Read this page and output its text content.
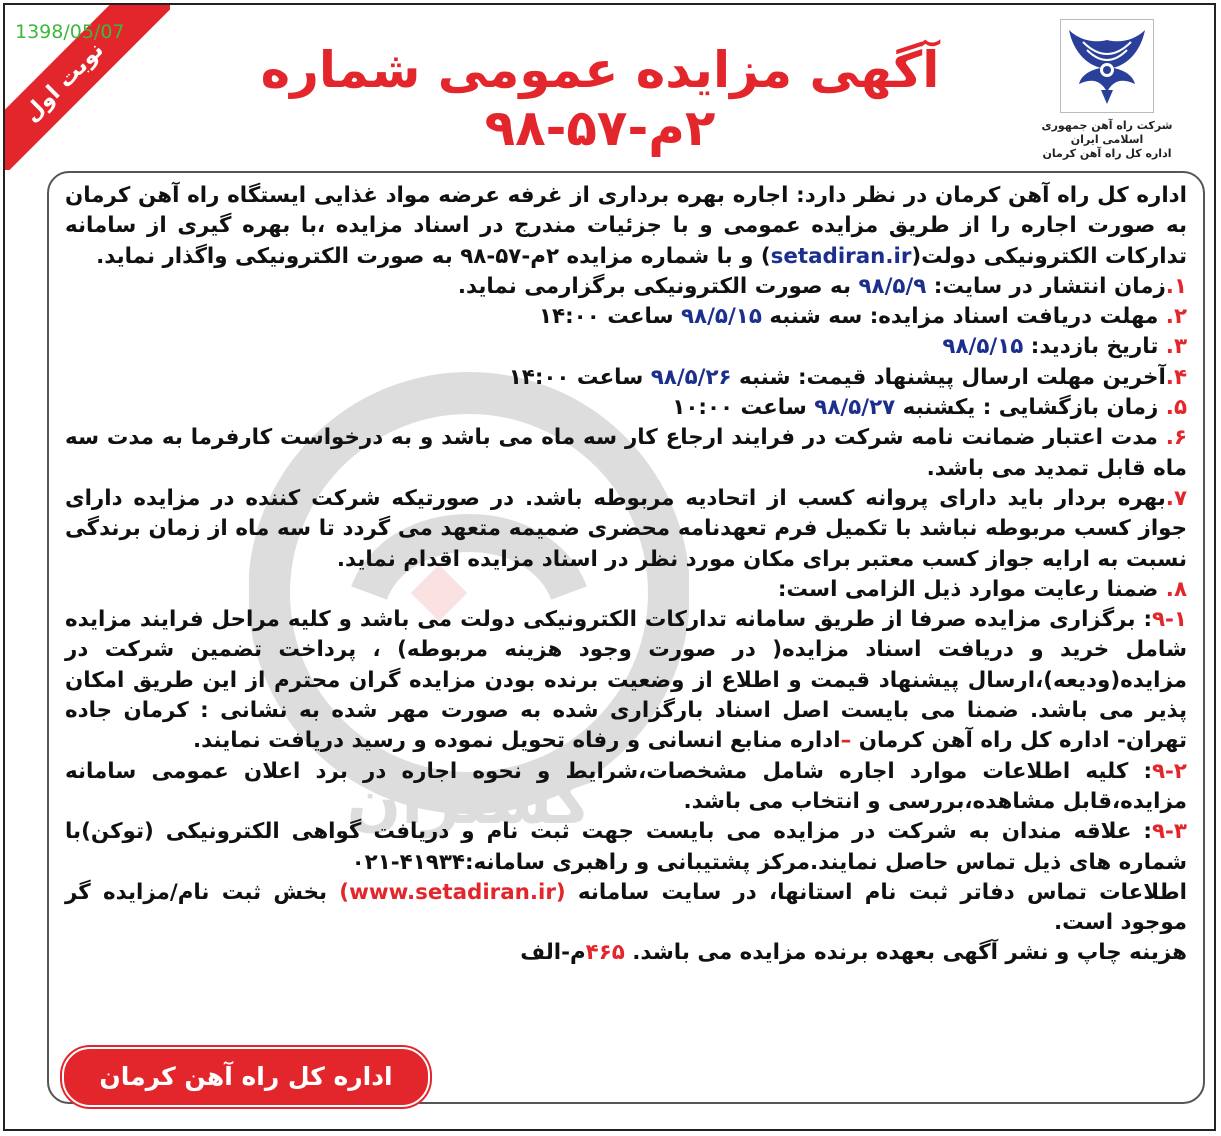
1398/05/07
نوبت اول	آگهی مزایده عمومی شماره ۲م-۵۷-۹۸	شرکت راه آهن جمهوری اسلامی ایران
اداره کل راه آهن کرمان
گستران

اداره کل راه آهن کرمان در نظر دارد: اجاره بهره برداری از غرفه عرضه مواد غذایی ایستگاه راه آهن کرمان به صورت اجاره را از طریق مزایده عمومی و با جزئیات مندرج در اسناد مزایده ،با بهره گیری از سامانه تدارکات الکترونیکی دولت(setadiran.ir) و با شماره مزایده ۲م-۵۷-۹۸ به صورت الکترونیکی واگذار نماید.

۱.زمان انتشار در سایت: ۹۸/۵/۹ به صورت الکترونیکی برگزارمی نماید.

۲. مهلت دریافت اسناد مزایده: سه شنبه ۹۸/۵/۱۵ ساعت ۱۴:۰۰

۳. تاریخ بازدید: ۹۸/۵/۱۵

۴.آخرین مهلت ارسال پیشنهاد قیمت: شنبه ۹۸/۵/۲۶ ساعت ۱۴:۰۰

۵. زمان بازگشایی : یکشنبه ۹۸/۵/۲۷ ساعت ۱۰:۰۰

۶. مدت اعتبار ضمانت نامه شرکت در فرایند ارجاع کار سه ماه می باشد و به درخواست کارفرما به مدت سه ماه قابل تمدید می باشد.

۷.بهره بردار باید دارای پروانه کسب از اتحادیه مربوطه باشد. در صورتیکه شرکت کننده در مزایده دارای جواز کسب مربوطه نباشد با تکمیل فرم تعهدنامه محضری ضمیمه متعهد می گردد تا سه ماه از زمان برندگی نسبت به ارایه جواز کسب معتبر برای مکان مورد نظر در اسناد مزایده اقدام نماید.

۸. ضمنا رعایت موارد ذیل الزامی است:

۹-۱: برگزاری مزایده صرفا از طریق سامانه تدارکات الکترونیکی دولت می باشد و کلیه مراحل فرایند مزایده شامل خرید و دریافت اسناد مزایده( در صورت وجود هزینه مربوطه) ، پرداخت تضمین شرکت در مزایده(ودیعه)،ارسال پیشنهاد قیمت و اطلاع از وضعیت برنده بودن مزایده گران محترم از این طریق امکان پذیر می باشد. ضمنا می بایست اصل اسناد بارگزاری شده به صورت مهر شده به نشانی : کرمان جاده تهران- اداره کل راه آهن کرمان –اداره منابع انسانی و رفاه تحویل نموده و رسید دریافت نمایند.

۹-۲: کلیه اطلاعات موارد اجاره شامل مشخصات،شرایط و نحوه اجاره در برد اعلان عمومی سامانه مزایده،قابل مشاهده،بررسی و انتخاب می باشد.

۹-۳: علاقه مندان به شرکت در مزایده می بایست جهت ثبت نام و دریافت گواهی الکترونیکی (توکن)با شماره های ذیل تماس حاصل نمایند.مرکز پشتیبانی و راهبری سامانه:۴۱۹۳۴-۰۲۱

اطلاعات تماس دفاتر ثبت نام استانها، در سایت سامانه (www.setadiran.ir) بخش ثبت نام/مزایده گر موجود است.

هزینه چاپ و نشر آگهی بعهده برنده مزایده می باشد. ۴۶۵م-الف

اداره کل راه آهن کرمان
